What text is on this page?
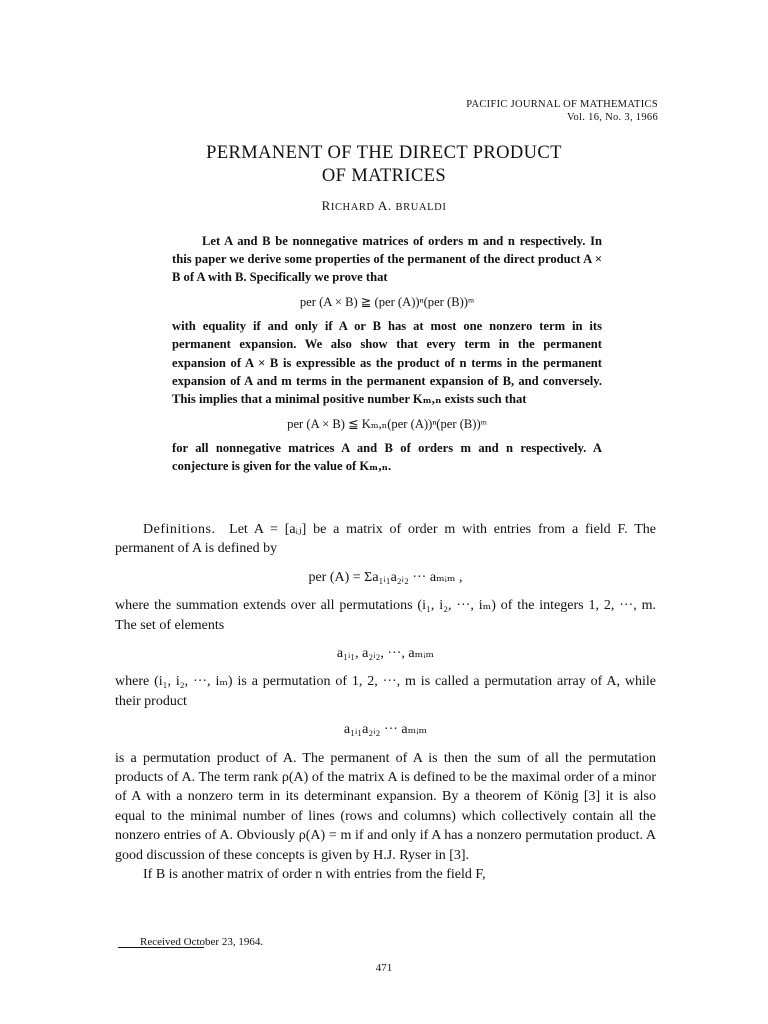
PACIFIC JOURNAL OF MATHEMATICS
Vol. 16, No. 3, 1966
PERMANENT OF THE DIRECT PRODUCT
OF MATRICES
RICHARD A. BRUALDI

Let A and B be nonnegative matrices of orders m and n respectively. In this paper we derive some properties of the permanent of the direct product A × B of A with B. Specifically we prove that

per (A × B) ≧ (per (A))ⁿ(per (B))ᵐ

with equality if and only if A or B has at most one nonzero term in its permanent expansion. We also show that every term in the permanent expansion of A × B is expressible as the product of n terms in the permanent expansion of A and m terms in the permanent expansion of B, and conversely. This implies that a minimal positive number Kₘ,ₙ exists such that

per (A × B) ≦ Kₘ,ₙ(per (A))ⁿ(per (B))ᵐ

for all nonnegative matrices A and B of orders m and n respectively. A conjecture is given for the value of Kₘ,ₙ.

Definitions. Let A = [aᵢⱼ] be a matrix of order m with entries from a field F. The permanent of A is defined by

per (A) = Σa₁ᵢ₁a₂ᵢ₂ ··· aₘᵢₘ ,

where the summation extends over all permutations (i₁, i₂, ···, iₘ) of the integers 1, 2, ···, m. The set of elements

a₁ᵢ₁, a₂ᵢ₂, ···, aₘᵢₘ

where (i₁, i₂, ···, iₘ) is a permutation of 1, 2, ···, m is called a permutation array of A, while their product

a₁ᵢ₁a₂ᵢ₂ ··· aₘᵢₘ

is a permutation product of A. The permanent of A is then the sum of all the permutation products of A. The term rank ρ(A) of the matrix A is defined to be the maximal order of a minor of A with a nonzero term in its determinant expansion. By a theorem of König [3] it is also equal to the minimal number of lines (rows and columns) which collectively contain all the nonzero entries of A. Obviously ρ(A) = m if and only if A has a nonzero permutation product. A good discussion of these concepts is given by H.J. Ryser in [3].

If B is another matrix of order n with entries from the field F,

Received October 23, 1964.
471
